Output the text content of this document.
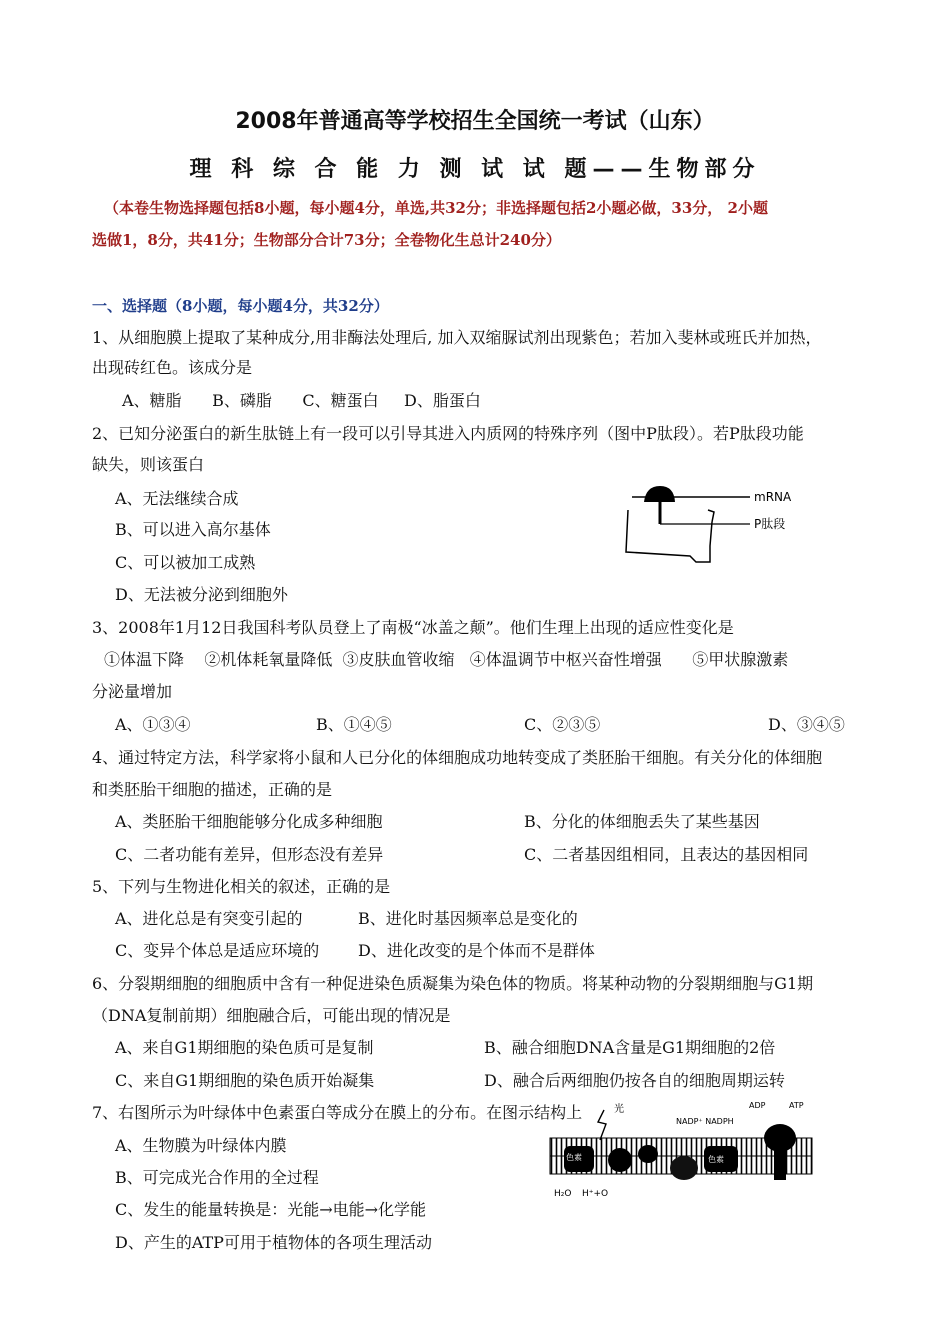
2008年普通高等学校招生全国统一考试（山东）
理 科 综 合 能 力 测 试 试 题——生物部分
（本卷生物选择题包括8小题，每小题4分，单选,共32分；非选择题包括2小题必做，33分， 2小题
选做1，8分，共41分；生物部分合计73分；全卷物化生总计240分）
一、选择题（8小题，每小题4分，共32分）
1、从细胞膜上提取了某种成分,用非酶法处理后, 加入双缩脲试剂出现紫色；若加入斐林或班氏并加热，
出现砖红色。该成分是
A、糖脂      B、磷脂      C、糖蛋白     D、脂蛋白
2、已知分泌蛋白的新生肽链上有一段可以引导其进入内质网的特殊序列（图中P肽段）。若P肽段功能
缺失，则该蛋白
A、无法继续合成
B、可以进入高尔基体
C、可以被加工成熟
D、无法被分泌到细胞外
mRNA
P肽段
3、2008年1月12日我国科考队员登上了南极“冰盖之颠”。他们生理上出现的适应性变化是
①体温下降    ②机体耗氧量降低  ③皮肤血管收缩   ④体温调节中枢兴奋性增强      ⑤甲状腺激素
分泌量增加
A、①③④	B、①④⑤	C、②③⑤	D、③④⑤
4、通过特定方法，科学家将小鼠和人已分化的体细胞成功地转变成了类胚胎干细胞。有关分化的体细胞
和类胚胎干细胞的描述，正确的是
A、类胚胎干细胞能够分化成多种细胞	B、分化的体细胞丢失了某些基因
C、二者功能有差异，但形态没有差异	C、二者基因组相同，且表达的基因相同
5、下列与生物进化相关的叙述，正确的是
A、进化总是有突变引起的	B、进化时基因频率总是变化的
C、变异个体总是适应环境的 D、进化改变的是个体而不是群体
6、分裂期细胞的细胞质中含有一种促进染色质凝集为染色体的物质。将某种动物的分裂期细胞与G1期
（DNA复制前期）细胞融合后，可能出现的情况是
A、来自G1期细胞的染色质可是复制	B、融合细胞DNA含量是G1期细胞的2倍
C、来自G1期细胞的染色质开始凝集	D、融合后两细胞仍按各自的细胞周期运转
7、右图所示为叶绿体中色素蛋白等成分在膜上的分布。在图示结构上
A、生物膜为叶绿体内膜
B、可完成光合作用的全过程
C、发生的能量转换是：光能→电能→化学能
D、产生的ATP可用于植物体的各项生理活动
光
色素	色素
NADP⁺ NADPH
ADP	ATP
H₂O H⁺+O
